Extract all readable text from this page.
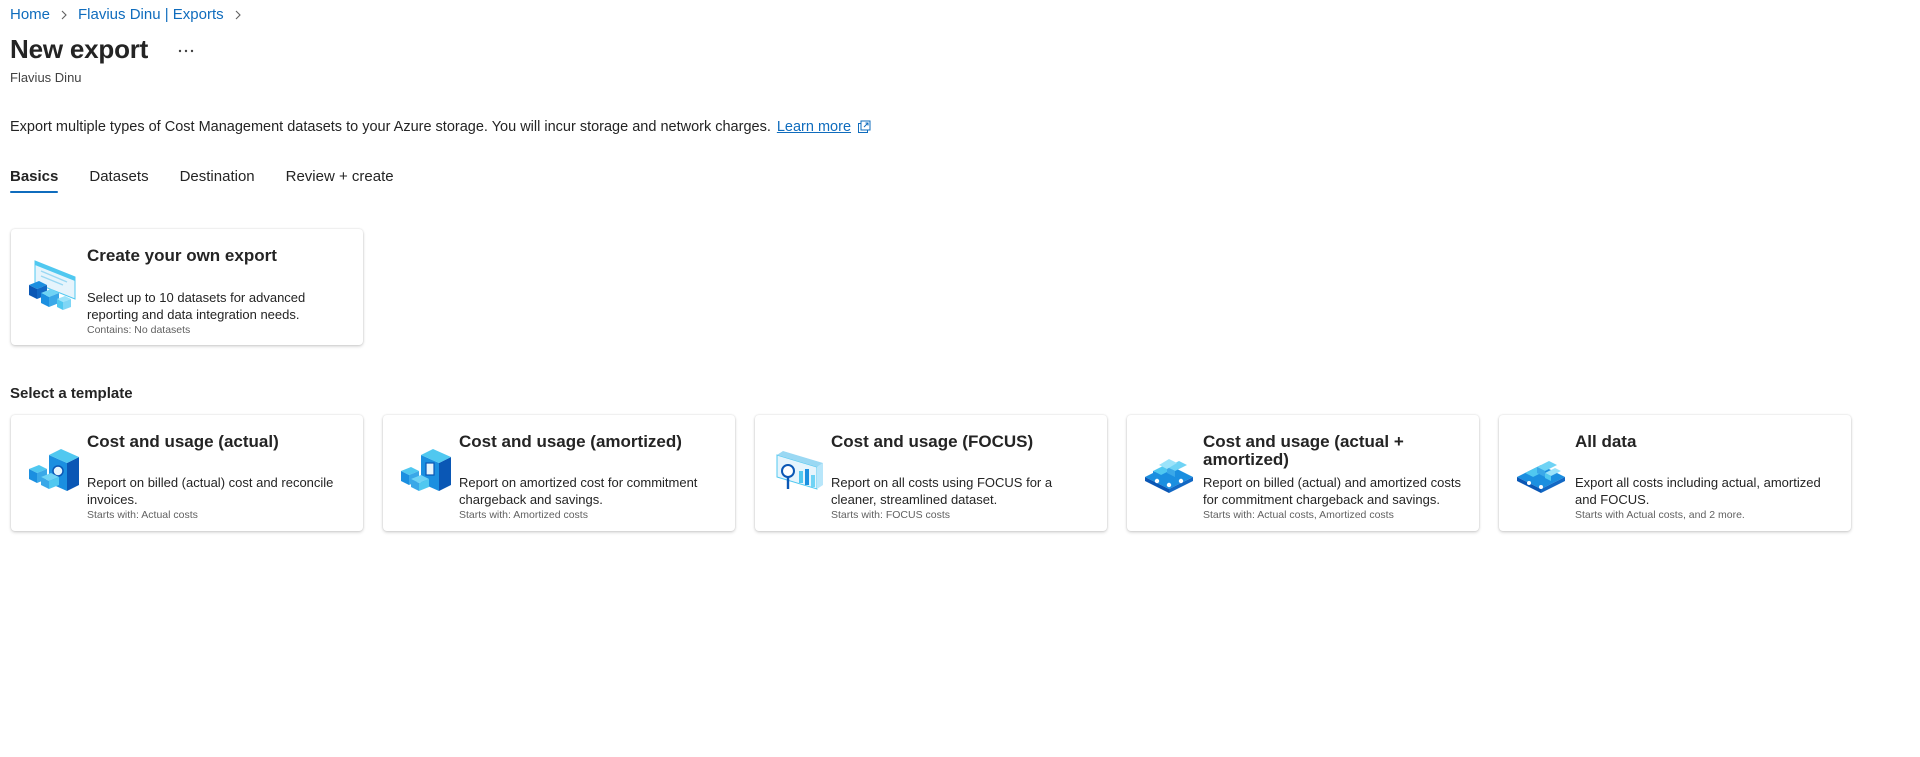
Home Flavius Dinu | Exports
New export
Flavius Dinu
Export multiple types of Cost Management datasets to your Azure storage. You will incur storage and network charges. Learn more
Basics Datasets Destination Review + create
Create your own export
Select up to 10 datasets for advanced reporting and data integration needs.
Contains: No datasets
Select a template
Cost and usage (actual)
Report on billed (actual) cost and reconcile invoices.
Starts with: Actual costs
Cost and usage (amortized)
Report on amortized cost for commitment chargeback and savings.
Starts with: Amortized costs
Cost and usage (FOCUS)
Report on all costs using FOCUS for a cleaner, streamlined dataset.
Starts with: FOCUS costs
Cost and usage (actual + amortized)
Report on billed (actual) and amortized costs for commitment chargeback and savings.
Starts with: Actual costs, Amortized costs
All data
Export all costs including actual, amortized and FOCUS.
Starts with Actual costs, and 2 more.
